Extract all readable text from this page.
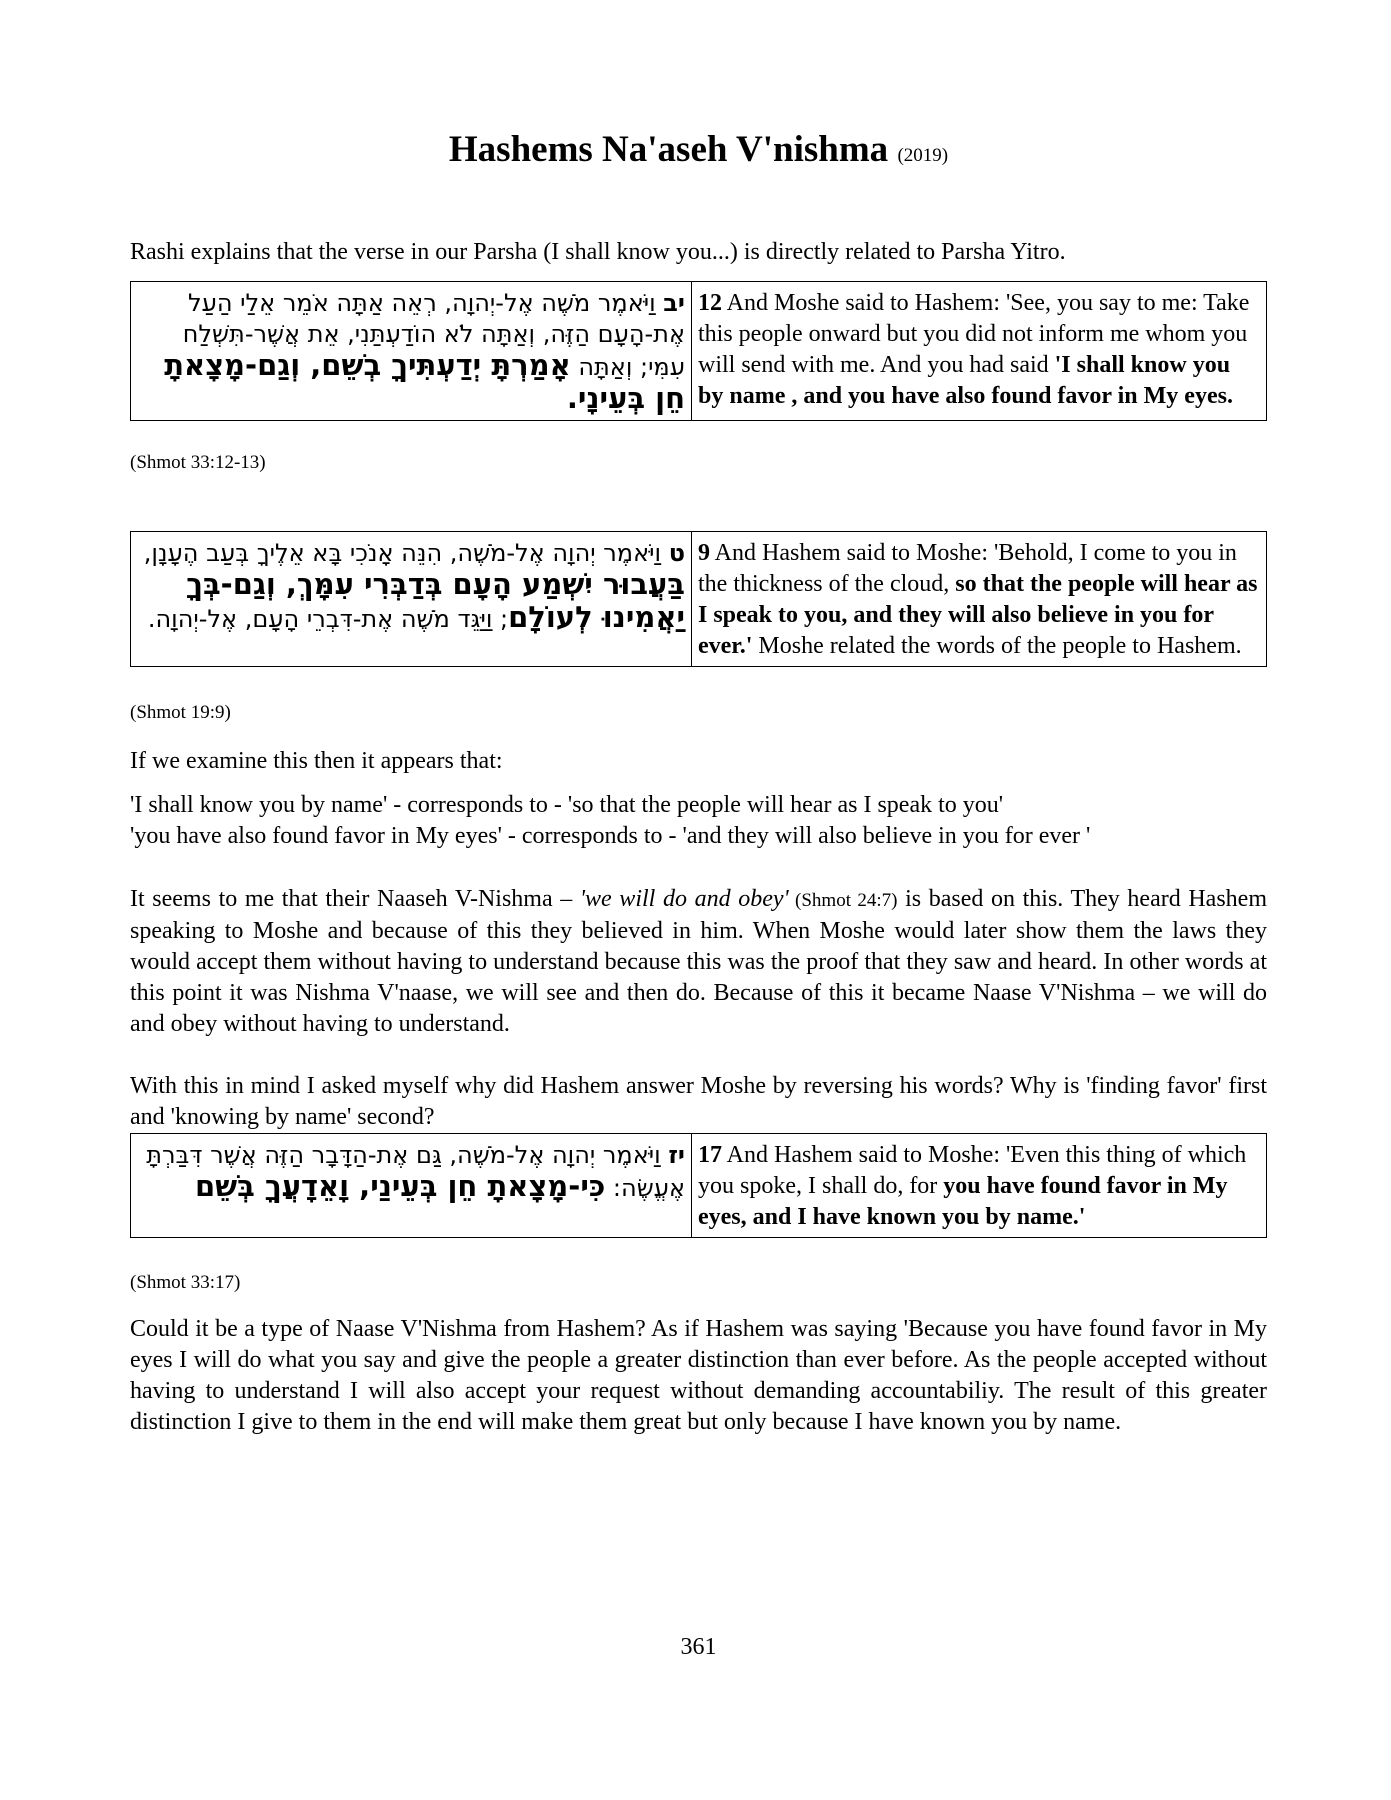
Hashems Na'aseh V'nishma (2019)

Rashi explains that the verse in our Parsha (I shall know you...) is directly related to Parsha Yitro.

יב וַיֹּאמֶר מֹשֶׁה אֶל-יְהוָה, רְאֵה אַתָּה אֹמֵר אֵלַי הַעַל אֶת-הָעָם הַזֶּה, וְאַתָּה לֹא הוֹדַעְתַּנִי, אֵת אֲשֶׁר-תִּשְׁלַח עִמִּי; וְאַתָּה אָמַרְתָּ יְדַעְתִּיךָ בְשֵׁם, וְגַם-מָצָאתָ חֵן בְּעֵינָי.	12 And Moshe said to Hashem: 'See, you say to me: Take this people onward but you did not inform me whom you will send with me. And you had said 'I shall know you by name , and you have also found favor in My eyes.
(Shmot 33:12-13)
ט וַיֹּאמֶר יְהוָה אֶל-מֹשֶׁה, הִנֵּה אָנֹכִי בָּא אֵלֶיךָ בְּעַב הֶעָנָן, בַּעֲבוּר יִשְׁמַע הָעָם בְּדַבְּרִי עִמָּךְ, וְגַם-בְּךָ יַאֲמִינוּ לְעוֹלָם; וַיַּגֵּד מֹשֶׁה אֶת-דִּבְרֵי הָעָם, אֶל-יְהוָה.	9 And Hashem said to Moshe: 'Behold, I come to you in the thickness of the cloud, so that the people will hear as I speak to you, and they will also believe in you for ever.' Moshe related the words of the people to Hashem.
(Shmot 19:9)

If we examine this then it appears that:

'I shall know you by name' - corresponds to - 'so that the people will hear as I speak to you'

'you have also found favor in My eyes' - corresponds to - 'and they will also believe in you for ever '

It seems to me that their Naaseh V-Nishma – 'we will do and obey' (Shmot 24:7) is based on this. They heard Hashem speaking to Moshe and because of this they believed in him. When Moshe would later show them the laws they would accept them without having to understand because this was the proof that they saw and heard. In other words at this point it was Nishma V'naase, we will see and then do. Because of this it became Naase V'Nishma – we will do and obey without having to understand.

With this in mind I asked myself why did Hashem answer Moshe by reversing his words? Why is 'finding favor' first and 'knowing by name' second?

יז וַיֹּאמֶר יְהוָה אֶל-מֹשֶׁה, גַּם אֶת-הַדָּבָר הַזֶּה אֲשֶׁר דִּבַּרְתָּ אֶעֱשֶׂה: כִּי-מָצָאתָ חֵן בְּעֵינַי, וָאֵדָעֲךָ בְּשֵׁם	17 And Hashem said to Moshe: 'Even this thing of which you spoke, I shall do, for you have found favor in My eyes, and I have known you by name.'
(Shmot 33:17)

Could it be a type of Naase V'Nishma from Hashem? As if Hashem was saying 'Because you have found favor in My eyes I will do what you say and give the people a greater distinction than ever before. As the people accepted without having to understand I will also accept your request without demanding accountabiliy. The result of this greater distinction I give to them in the end will make them great but only because I have known you by name.

361
